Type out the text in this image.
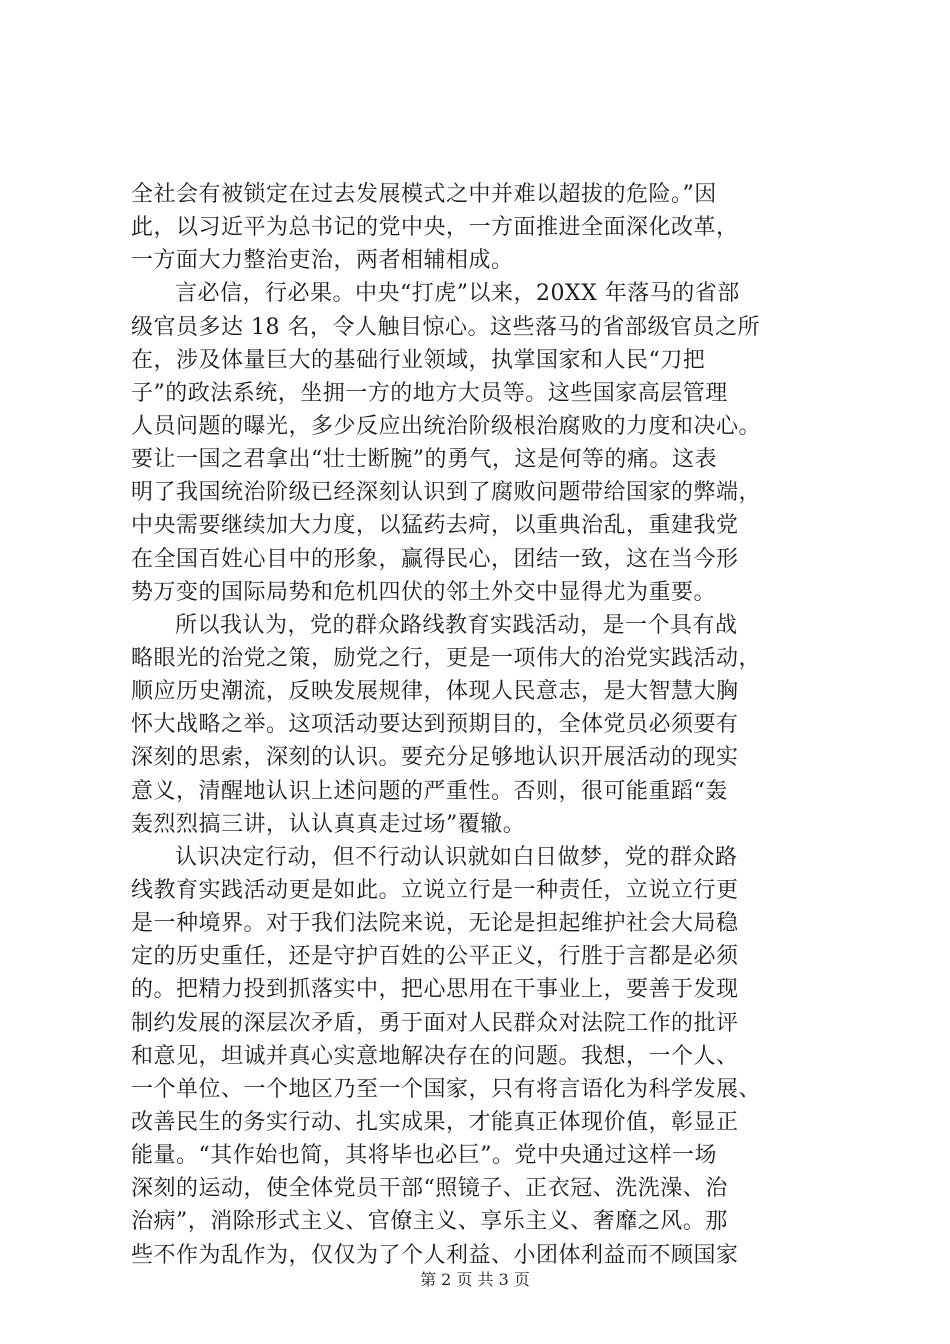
全社会有被锁定在过去发展模式之中并难以超拔的危险。”因
此，以习近平为总书记的党中央，一方面推进全面深化改革，
一方面大力整治吏治，两者相辅相成。
言必信，行必果。中央“打虎”以来，20XX 年落马的省部
级官员多达 18 名，令人触目惊心。这些落马的省部级官员之所
在，涉及体量巨大的基础行业领域，执掌国家和人民“刀把
子”的政法系统，坐拥一方的地方大员等。这些国家高层管理
人员问题的曝光，多少反应出统治阶级根治腐败的力度和决心。
要让一国之君拿出“壮士断腕”的勇气，这是何等的痛。这表
明了我国统治阶级已经深刻认识到了腐败问题带给国家的弊端，
中央需要继续加大力度，以猛药去疴，以重典治乱，重建我党
在全国百姓心目中的形象，赢得民心，团结一致，这在当今形
势万变的国际局势和危机四伏的邻土外交中显得尤为重要。
所以我认为，党的群众路线教育实践活动，是一个具有战
略眼光的治党之策，励党之行，更是一项伟大的治党实践活动，
顺应历史潮流，反映发展规律，体现人民意志，是大智慧大胸
怀大战略之举。这项活动要达到预期目的，全体党员必须要有
深刻的思索，深刻的认识。要充分足够地认识开展活动的现实
意义，清醒地认识上述问题的严重性。否则，很可能重蹈“轰
轰烈烈搞三讲，认认真真走过场”覆辙。
认识决定行动，但不行动认识就如白日做梦，党的群众路
线教育实践活动更是如此。立说立行是一种责任，立说立行更
是一种境界。对于我们法院来说，无论是担起维护社会大局稳
定的历史重任，还是守护百姓的公平正义，行胜于言都是必须
的。把精力投到抓落实中，把心思用在干事业上，要善于发现
制约发展的深层次矛盾，勇于面对人民群众对法院工作的批评
和意见，坦诚并真心实意地解决存在的问题。我想，一个人、
一个单位、一个地区乃至一个国家，只有将言语化为科学发展、
改善民生的务实行动、扎实成果，才能真正体现价值，彰显正
能量。“其作始也简，其将毕也必巨”。党中央通过这样一场
深刻的运动，使全体党员干部“照镜子、正衣冠、洗洗澡、治
治病”，消除形式主义、官僚主义、享乐主义、奢靡之风。那
些不作为乱作为，仅仅为了个人利益、小团体利益而不顾国家
第 2 页 共 3 页
